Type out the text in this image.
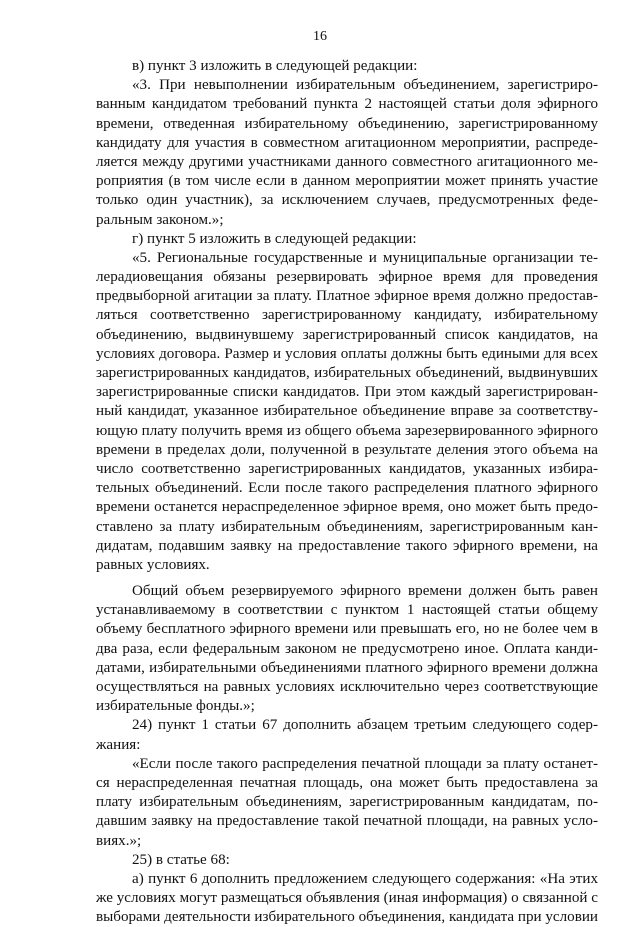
16
в) пункт 3 изложить в следующей редакции:
«3. При невыполнении избирательным объединением, зарегистриро-
ванным кандидатом требований пункта 2 настоящей статьи доля эфирного
времени, отведенная избирательному объединению, зарегистрированному
кандидату для участия в совместном агитационном мероприятии, распреде-
ляется между другими участниками данного совместного агитационного ме-
роприятия (в том числе если в данном мероприятии может принять участие
только один участник), за исключением случаев, предусмотренных феде-
ральным законом.»;
г) пункт 5 изложить в следующей редакции:
«5. Региональные государственные и муниципальные организации те-
лерадиовещания обязаны резервировать эфирное время для проведения
предвыборной агитации за плату. Платное эфирное время должно предостав-
ляться соответственно зарегистрированному кандидату, избирательному
объединению, выдвинувшему зарегистрированный список кандидатов, на
условиях договора. Размер и условия оплаты должны быть едиными для всех
зарегистрированных кандидатов, избирательных объединений, выдвинувших
зарегистрированные списки кандидатов. При этом каждый зарегистрирован-
ный кандидат, указанное избирательное объединение вправе за соответству-
ющую плату получить время из общего объема зарезервированного эфирного
времени в пределах доли, полученной в результате деления этого объема на
число соответственно зарегистрированных кандидатов, указанных избира-
тельных объединений. Если после такого распределения платного эфирного
времени останется нераспределенное эфирное время, оно может быть предо-
ставлено за плату избирательным объединениям, зарегистрированным кан-
дидатам, подавшим заявку на предоставление такого эфирного времени, на
равных условиях.
Общий объем резервируемого эфирного времени должен быть равен
устанавливаемому в соответствии с пунктом 1 настоящей статьи общему
объему бесплатного эфирного времени или превышать его, но не более чем в
два раза, если федеральным законом не предусмотрено иное. Оплата канди-
датами, избирательными объединениями платного эфирного времени должна
осуществляться на равных условиях исключительно через соответствующие
избирательные фонды.»;
24) пункт 1 статьи 67 дополнить абзацем третьим следующего содер-
жания:
«Если после такого распределения печатной площади за плату останет-
ся нераспределенная печатная площадь, она может быть предоставлена за
плату избирательным объединениям, зарегистрированным кандидатам, по-
давшим заявку на предоставление такой печатной площади, на равных усло-
виях.»;
25) в статье 68:
а) пункт 6 дополнить предложением следующего содержания: «На этих
же условиях могут размещаться объявления (иная информация) о связанной с
выборами деятельности избирательного объединения, кандидата при условии
